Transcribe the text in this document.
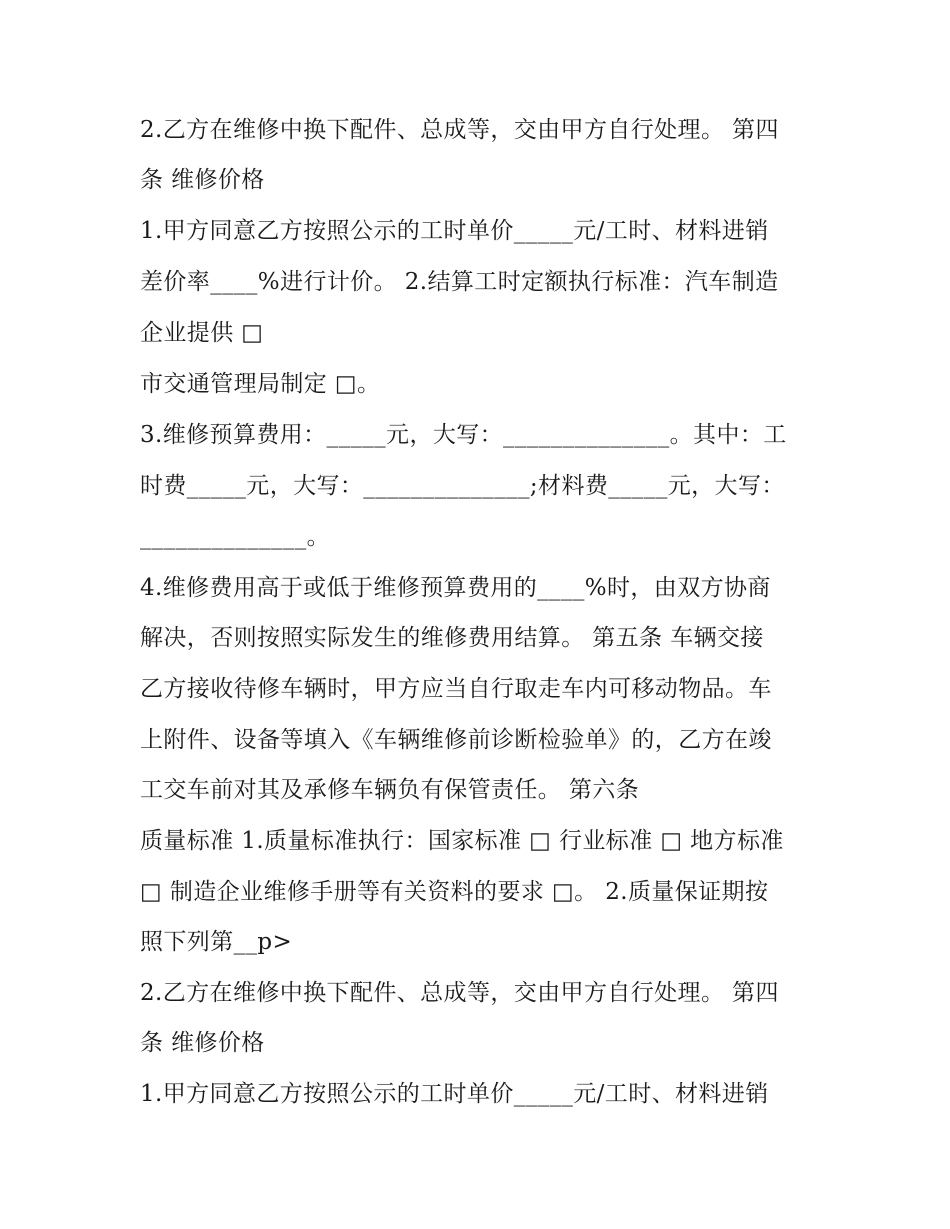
2.乙方在维修中换下配件、总成等，交由甲方自行处理。 第四
条 维修价格
1.甲方同意乙方按照公示的工时单价_____元/工时、材料进销
差价率____%进行计价。 2.结算工时定额执行标准：汽车制造
企业提供 □
市交通管理局制定 □。
3.维修预算费用：_____元，大写：______________。其中：工
时费_____元，大写：______________;材料费_____元，大写：
______________。
4.维修费用高于或低于维修预算费用的____%时，由双方协商
解决，否则按照实际发生的维修费用结算。 第五条 车辆交接
乙方接收待修车辆时，甲方应当自行取走车内可移动物品。车
上附件、设备等填入《车辆维修前诊断检验单》的，乙方在竣
工交车前对其及承修车辆负有保管责任。 第六条
质量标准 1.质量标准执行：国家标准 □ 行业标准 □ 地方标准
□ 制造企业维修手册等有关资料的要求 □。 2.质量保证期按
照下列第__p>
2.乙方在维修中换下配件、总成等，交由甲方自行处理。 第四
条 维修价格
1.甲方同意乙方按照公示的工时单价_____元/工时、材料进销
